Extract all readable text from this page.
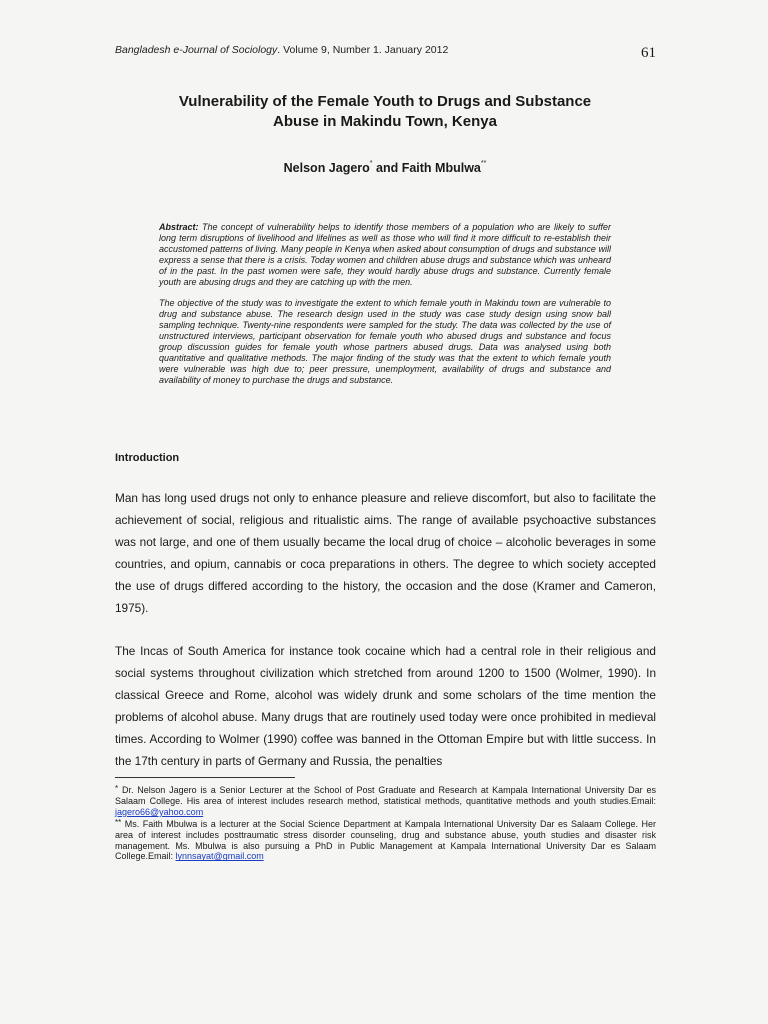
Bangladesh e-Journal of Sociology. Volume 9, Number 1. January 2012	61
Vulnerability of the Female Youth to Drugs and Substance
Abuse in Makindu Town, Kenya
Nelson Jagero* and Faith Mbulwa**

Abstract: The concept of vulnerability helps to identify those members of a population who are likely to suffer long term disruptions of livelihood and lifelines as well as those who will find it more difficult to re-establish their accustomed patterns of living. Many people in Kenya when asked about consumption of drugs and substance will express a sense that there is a crisis. Today women and children abuse drugs and substance which was unheard of in the past. In the past women were safe, they would hardly abuse drugs and substance. Currently female youth are abusing drugs and they are catching up with the men.

The objective of the study was to investigate the extent to which female youth in Makindu town are vulnerable to drug and substance abuse. The research design used in the study was case study design using snow ball sampling technique. Twenty-nine respondents were sampled for the study. The data was collected by the use of unstructured interviews, participant observation for female youth who abused drugs and substance and focus group discussion guides for female youth whose partners abused drugs. Data was analysed using both quantitative and qualitative methods. The major finding of the study was that the extent to which female youth were vulnerable was high due to; peer pressure, unemployment, availability of drugs and substance and availability of money to purchase the drugs and substance.

Introduction

Man has long used drugs not only to enhance pleasure and relieve discomfort, but also to facilitate the achievement of social, religious and ritualistic aims. The range of available psychoactive substances was not large, and one of them usually became the local drug of choice – alcoholic beverages in some countries, and opium, cannabis or coca preparations in others. The degree to which society accepted the use of drugs differed according to the history, the occasion and the dose (Kramer and Cameron, 1975).

The Incas of South America for instance took cocaine which had a central role in their religious and social systems throughout civilization which stretched from around 1200 to 1500 (Wolmer, 1990). In classical Greece and Rome, alcohol was widely drunk and some scholars of the time mention the problems of alcohol abuse. Many drugs that are routinely used today were once prohibited in medieval times. According to Wolmer (1990) coffee was banned in the Ottoman Empire but with little success. In the 17th century in parts of Germany and Russia, the penalties

* Dr. Nelson Jagero is a Senior Lecturer at the School of Post Graduate and Research at Kampala International University Dar es Salaam College. His area of interest includes research method, statistical methods, quantitative methods and youth studies.Email: jagero66@yahoo.com

** Ms. Faith Mbulwa is a lecturer at the Social Science Department at Kampala International University Dar es Salaam College. Her area of interest includes posttraumatic stress disorder counseling, drug and substance abuse, youth studies and disaster risk management. Ms. Mbulwa is also pursuing a PhD in Public Management at Kampala International University Dar es Salaam College.Email: lynnsayat@gmail.com
